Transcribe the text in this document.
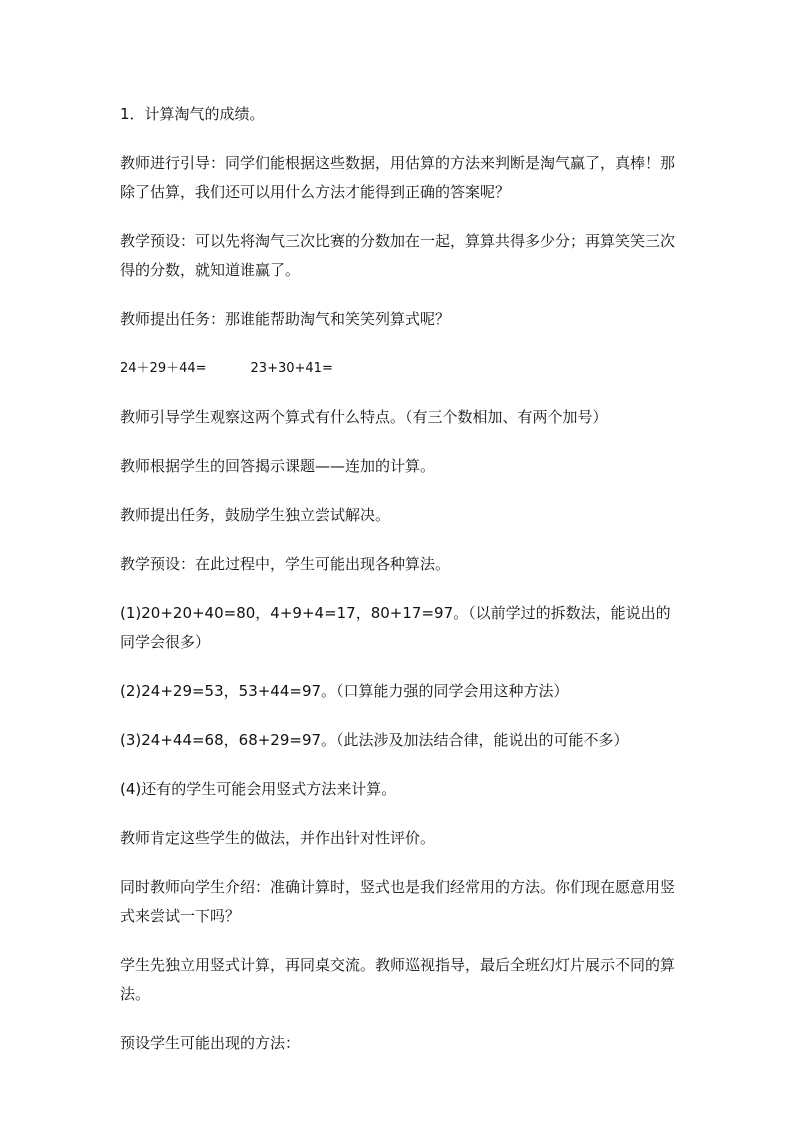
1．计算淘气的成绩。

教师进行引导：同学们能根据这些数据，用估算的方法来判断是淘气赢了，真棒！那除了估算，我们还可以用什么方法才能得到正确的答案呢？

教学预设：可以先将淘气三次比赛的分数加在一起，算算共得多少分；再算笑笑三次得的分数，就知道谁赢了。

教师提出任务：那谁能帮助淘气和笑笑列算式呢？

24＋29＋44=	23+30+41=

教师引导学生观察这两个算式有什么特点。（有三个数相加、有两个加号）

教师根据学生的回答揭示课题——连加的计算。

教师提出任务，鼓励学生独立尝试解决。

教学预设：在此过程中，学生可能出现各种算法。

(1)20+20+40=80，4+9+4=17，80+17=97。（以前学过的拆数法，能说出的同学会很多）

(2)24+29=53，53+44=97。（口算能力强的同学会用这种方法）

(3)24+44=68，68+29=97。（此法涉及加法结合律，能说出的可能不多）

(4)还有的学生可能会用竖式方法来计算。

教师肯定这些学生的做法，并作出针对性评价。

同时教师向学生介绍：准确计算时，竖式也是我们经常用的方法。你们现在愿意用竖式来尝试一下吗？

学生先独立用竖式计算，再同桌交流。教师巡视指导，最后全班幻灯片展示不同的算法。

预设学生可能出现的方法：
